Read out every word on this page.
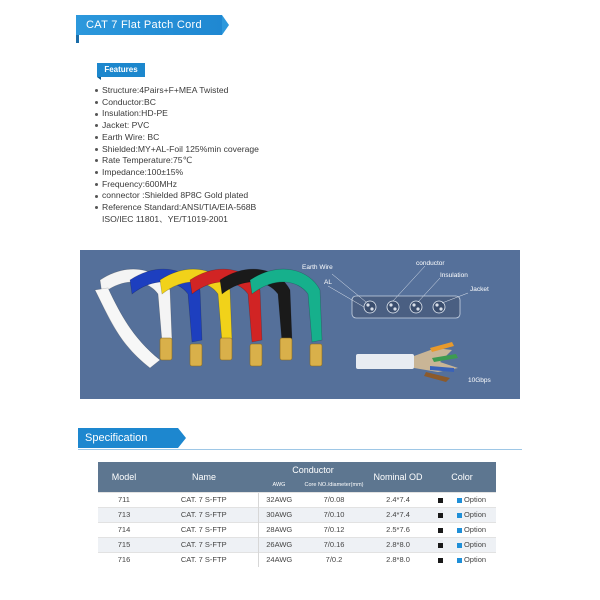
CAT 7 Flat Patch Cord
Features
Structure:4Pairs+F+MEA Twisted
Conductor:BC
Insulation:HD-PE
Jacket: PVC
Earth Wire: BC
Shielded:MY+AL-Foil 125%min coverage
Rate Temperature:75℃
Impedance:100±15%
Frequency:600MHz
connector :Shielded 8P8C Gold plated
Reference Standard:ANSI/TIA/EIA-568B
ISO/IEC 11801、YE/T1019-2001
Earth Wire
conductor
Insulation
AL
Jacket
10Gbps
Specification
Model	Name	Conductor		Nominal OD	Color
		AWG	Core NO./diameter(mm)		
711	CAT. 7 S-FTP	32AWG	7/0.08	2.4*7.4	Option
713	CAT. 7 S-FTP	30AWG	7/0.10	2.4*7.4	Option
714	CAT. 7 S-FTP	28AWG	7/0.12	2.5*7.6	Option
715	CAT. 7 S-FTP	26AWG	7/0.16	2.8*8.0	Option
716	CAT. 7 S-FTP	24AWG	7/0.2	2.8*8.0	Option
